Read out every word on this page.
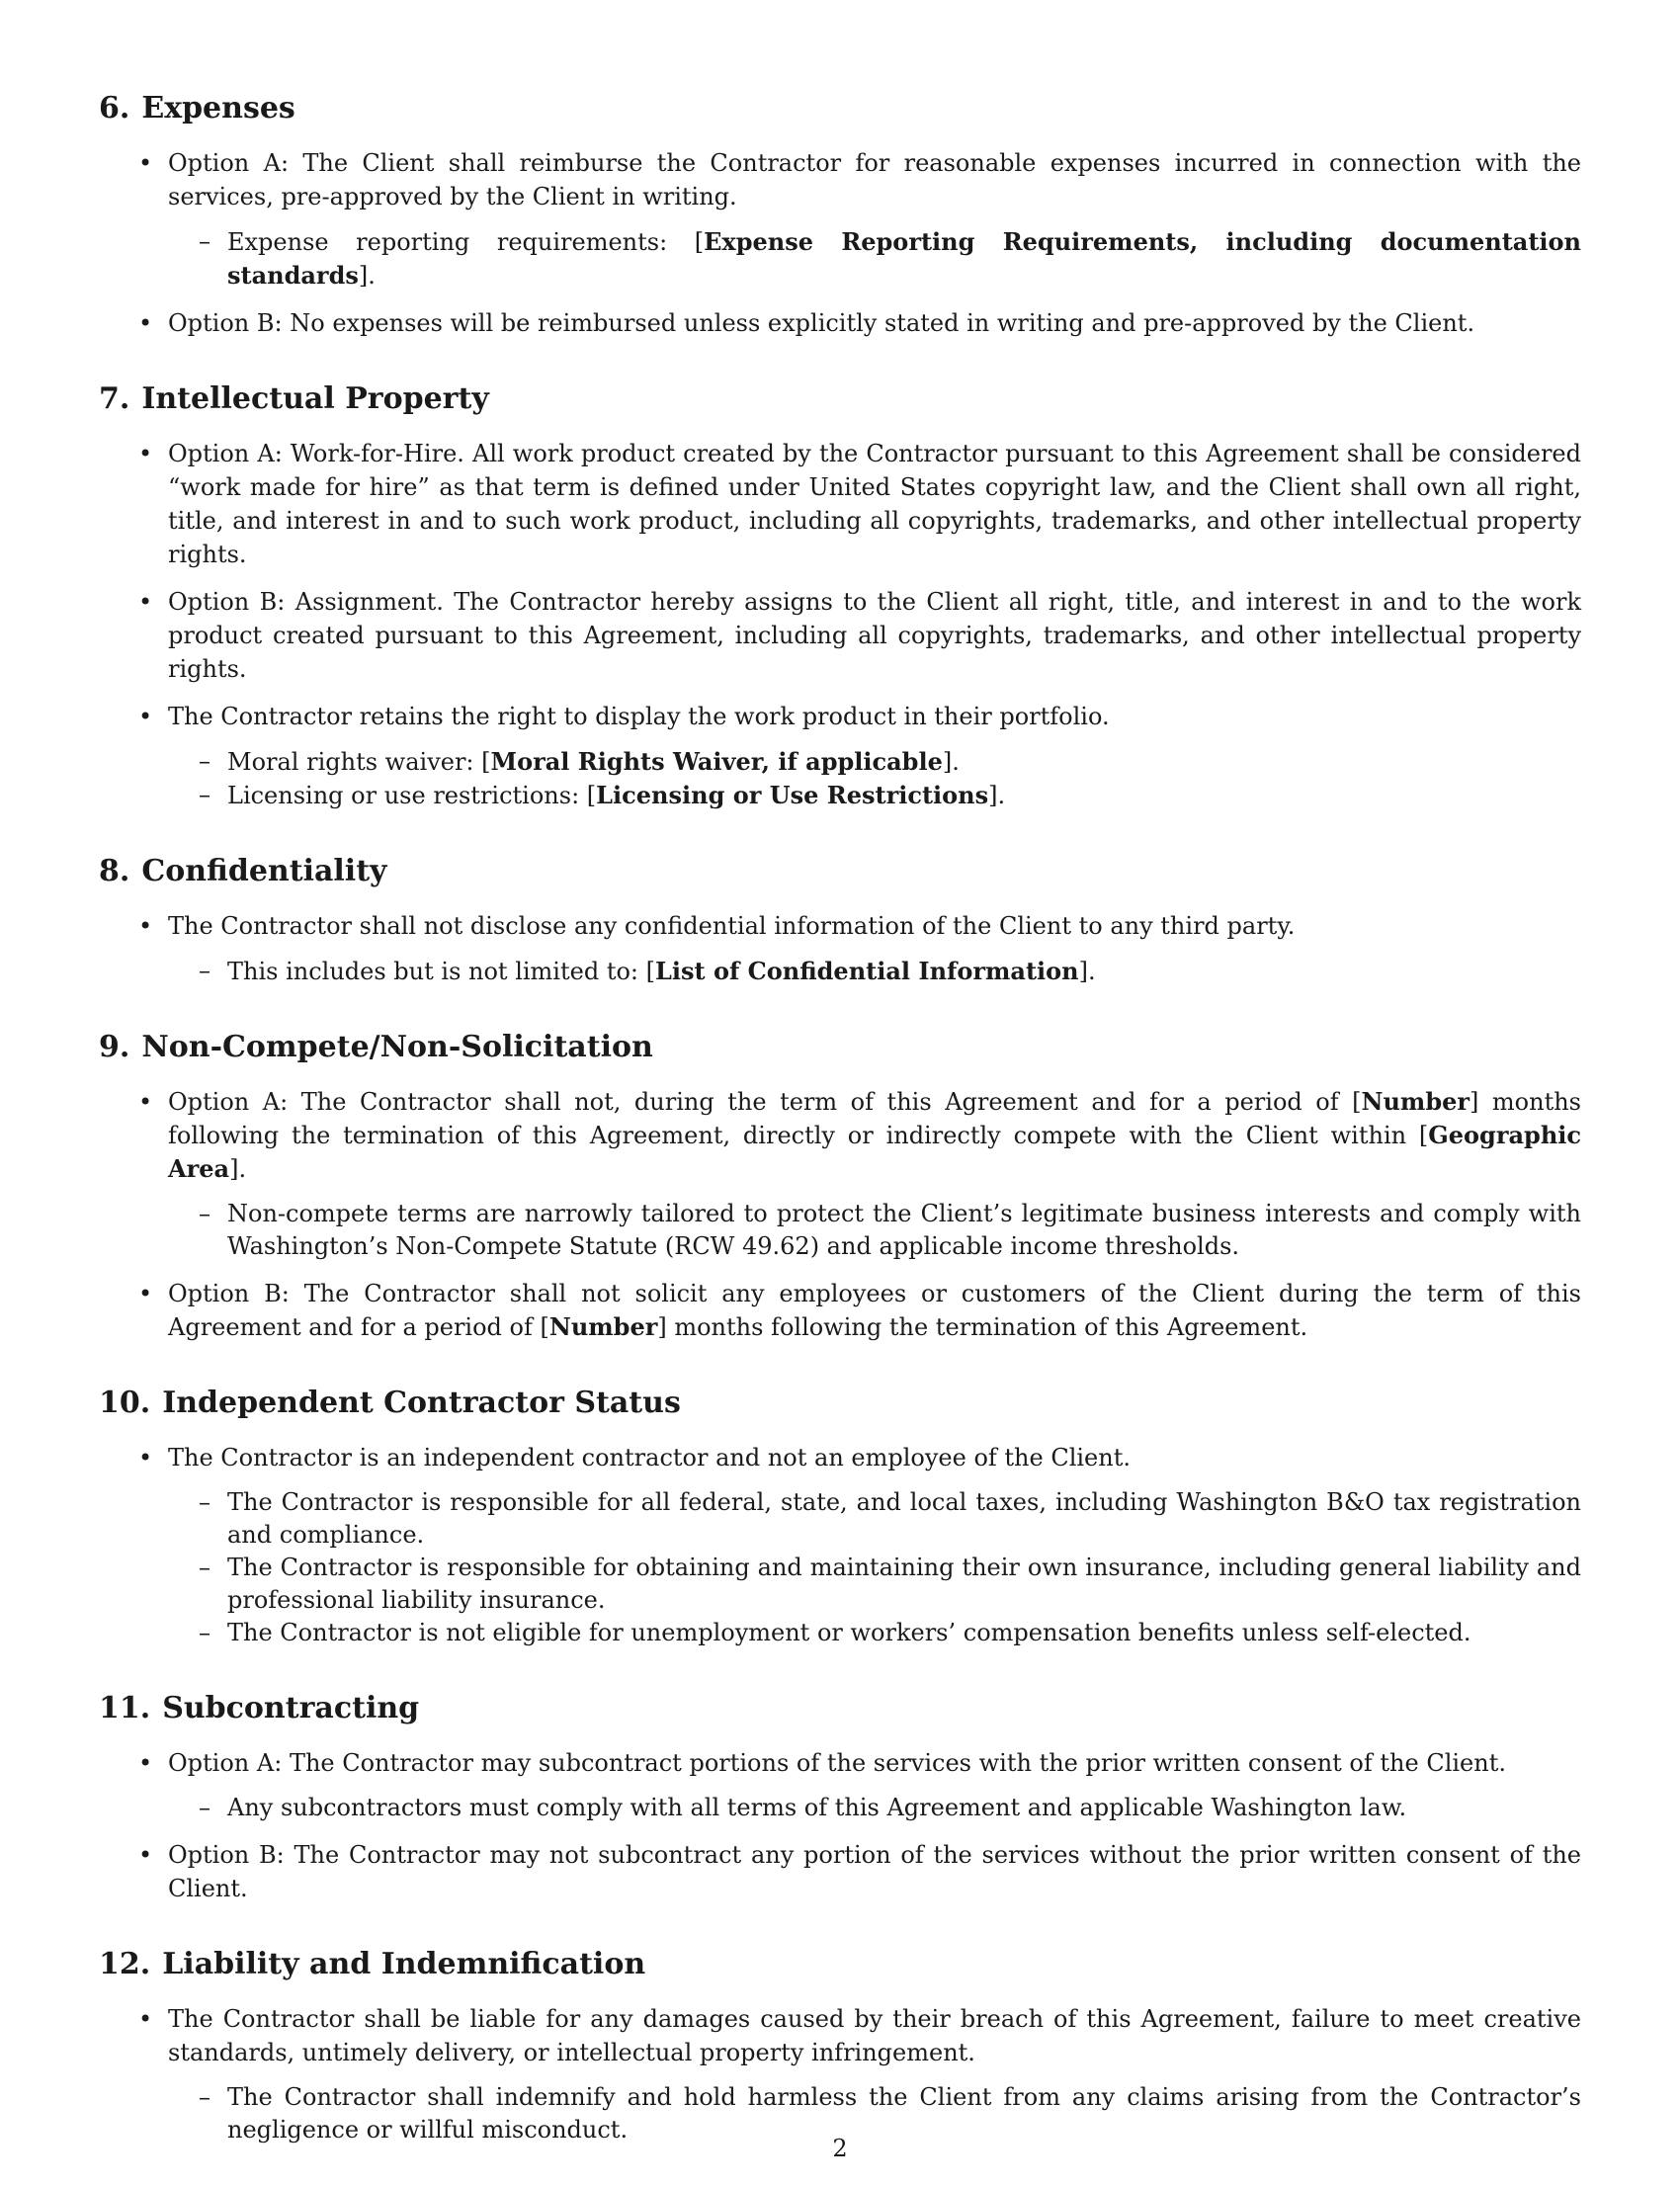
6. Expenses
• Option A: The Client shall reimburse the Contractor for reasonable expenses incurred in connection with the services, pre-approved by the Client in writing.
– Expense reporting requirements: [Expense Reporting Requirements, including documentation standards].
• Option B: No expenses will be reimbursed unless explicitly stated in writing and pre-approved by the Client.
7. Intellectual Property
• Option A: Work-for-Hire. All work product created by the Contractor pursuant to this Agreement shall be considered “work made for hire” as that term is defined under United States copyright law, and the Client shall own all right, title, and interest in and to such work product, including all copyrights, trademarks, and other intellectual property rights.
• Option B: Assignment. The Contractor hereby assigns to the Client all right, title, and interest in and to the work product created pursuant to this Agreement, including all copyrights, trademarks, and other intellectual property rights.
• The Contractor retains the right to display the work product in their portfolio.
– Moral rights waiver: [Moral Rights Waiver, if applicable].
– Licensing or use restrictions: [Licensing or Use Restrictions].
8. Confidentiality
• The Contractor shall not disclose any confidential information of the Client to any third party.
– This includes but is not limited to: [List of Confidential Information].
9. Non-Compete/Non-Solicitation
• Option A: The Contractor shall not, during the term of this Agreement and for a period of [Number] months following the termination of this Agreement, directly or indirectly compete with the Client within [Geographic Area].
– Non-compete terms are narrowly tailored to protect the Client’s legitimate business interests and comply with Washington’s Non-Compete Statute (RCW 49.62) and applicable income thresholds.
• Option B: The Contractor shall not solicit any employees or customers of the Client during the term of this Agreement and for a period of [Number] months following the termination of this Agreement.
10. Independent Contractor Status
• The Contractor is an independent contractor and not an employee of the Client.
– The Contractor is responsible for all federal, state, and local taxes, including Washington B&O tax registration and compliance.
– The Contractor is responsible for obtaining and maintaining their own insurance, including general liability and professional liability insurance.
– The Contractor is not eligible for unemployment or workers’ compensation benefits unless self-elected.
11. Subcontracting
• Option A: The Contractor may subcontract portions of the services with the prior written consent of the Client.
– Any subcontractors must comply with all terms of this Agreement and applicable Washington law.
• Option B: The Contractor may not subcontract any portion of the services without the prior written consent of the Client.
12. Liability and Indemnification
• The Contractor shall be liable for any damages caused by their breach of this Agreement, failure to meet creative standards, untimely delivery, or intellectual property infringement.
– The Contractor shall indemnify and hold harmless the Client from any claims arising from the Contractor’s negligence or willful misconduct.
2
